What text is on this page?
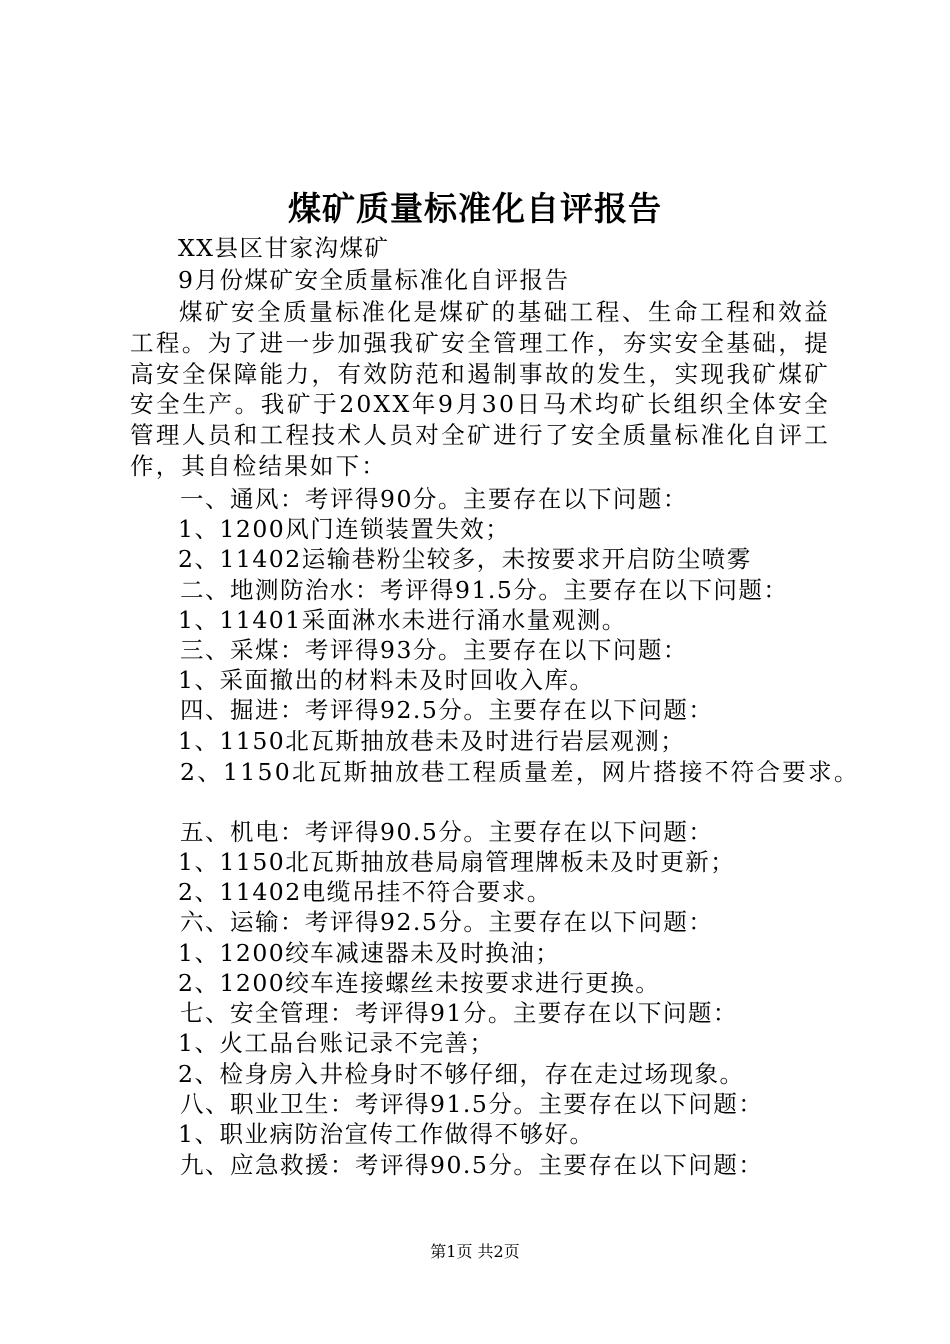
煤矿质量标准化自评报告
XX县区甘家沟煤矿
9月份煤矿安全质量标准化自评报告
煤矿安全质量标准化是煤矿的基础工程、生命工程和效益工程。为了进一步加强我矿安全管理工作，夯实安全基础，提高安全保障能力，有效防范和遏制事故的发生，实现我矿煤矿安全生产。我矿于20XX年9月30日马术均矿长组织全体安全管理人员和工程技术人员对全矿进行了安全质量标准化自评工作，其自检结果如下：
一、通风：考评得90分。主要存在以下问题：
1、1200风门连锁装置失效；
2、11402运输巷粉尘较多，未按要求开启防尘喷雾
二、地测防治水：考评得91.5分。主要存在以下问题：
1、11401采面淋水未进行涌水量观测。
三、采煤：考评得93分。主要存在以下问题：
1、采面撤出的材料未及时回收入库。
四、掘进：考评得92.5分。主要存在以下问题：
1、1150北瓦斯抽放巷未及时进行岩层观测；
2、1150北瓦斯抽放巷工程质量差，网片搭接不符合要求。
五、机电：考评得90.5分。主要存在以下问题：
1、1150北瓦斯抽放巷局扇管理牌板未及时更新；
2、11402电缆吊挂不符合要求。
六、运输：考评得92.5分。主要存在以下问题：
1、1200绞车减速器未及时换油；
2、1200绞车连接螺丝未按要求进行更换。
七、安全管理：考评得91分。主要存在以下问题：
1、火工品台账记录不完善；
2、检身房入井检身时不够仔细，存在走过场现象。
八、职业卫生：考评得91.5分。主要存在以下问题：
1、职业病防治宣传工作做得不够好。
九、应急救援：考评得90.5分。主要存在以下问题：
第1页 共2页
